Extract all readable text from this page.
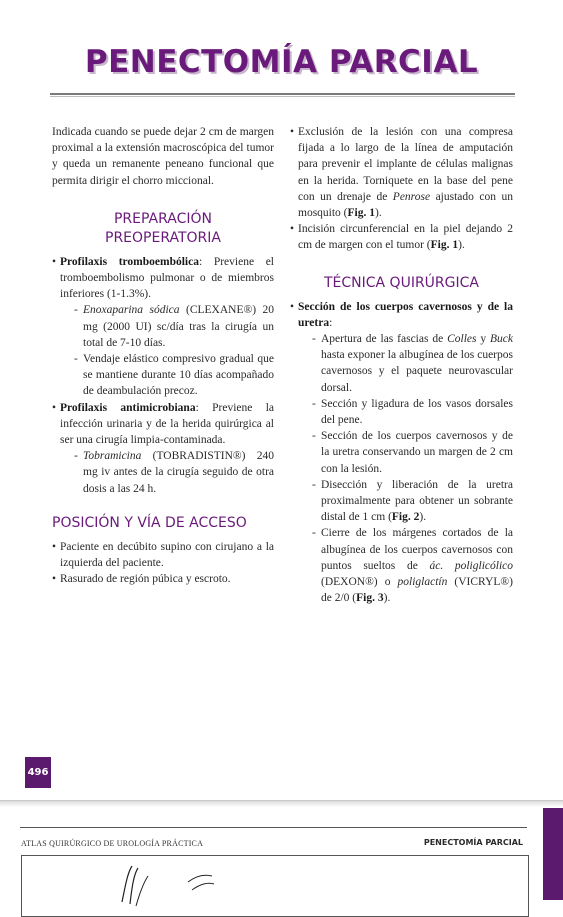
PENECTOMÍA PARCIAL

Indicada cuando se puede dejar 2 cm de margen proximal a la extensión macroscópica del tumor y queda un remanente peneano funcional que permita dirigir el chorro miccional.

PREPARACIÓN
PREOPERATORIA

• Profilaxis tromboembólica: Previene el tromboembolismo pulmonar o de miembros inferiores (1-1.3%).
- Enoxaparina sódica (CLEXANE®) 20 mg (2000 UI) sc/día tras la cirugía un total de 7-10 días.
- Vendaje elástico compresivo gradual que se mantiene durante 10 días acompañado de deambulación precoz.
• Profilaxis antimicrobiana: Previene la infección urinaria y de la herida quirúrgica al ser una cirugía limpia-contaminada.
- Tobramicina (TOBRADISTIN®) 240 mg iv antes de la cirugía seguido de otra dosis a las 24 h.

POSICIÓN Y VÍA DE ACCESO

• Paciente en decúbito supino con cirujano a la izquierda del paciente.
• Rasurado de región púbica y escroto.
• Exclusión de la lesión con una compresa fijada a lo largo de la línea de amputación para prevenir el implante de células malignas en la herida. Torniquete en la base del pene con un drenaje de Penrose ajustado con un mosquito (Fig. 1).
• Incisión circunferencial en la piel dejando 2 cm de margen con el tumor (Fig. 1).

TÉCNICA QUIRÚRGICA

• Sección de los cuerpos cavernosos y de la uretra:
- Apertura de las fascias de Colles y Buck hasta exponer la albugínea de los cuerpos cavernosos y el paquete neurovascular dorsal.
- Sección y ligadura de los vasos dorsales del pene.
- Sección de los cuerpos cavernosos y de la uretra conservando un margen de 2 cm con la lesión.
- Disección y liberación de la uretra proximalmente para obtener un sobrante distal de 1 cm (Fig. 2).
- Cierre de los márgenes cortados de la albugínea de los cuerpos cavernosos con puntos sueltos de ác. poliglicólico (DEXON®) o poliglactín (VICRYL®) de 2/0 (Fig. 3).
496
ATLAS QUIRÚRGICO DE UROLOGÍA PRÁCTICA	PENECTOMÍA PARCIAL
